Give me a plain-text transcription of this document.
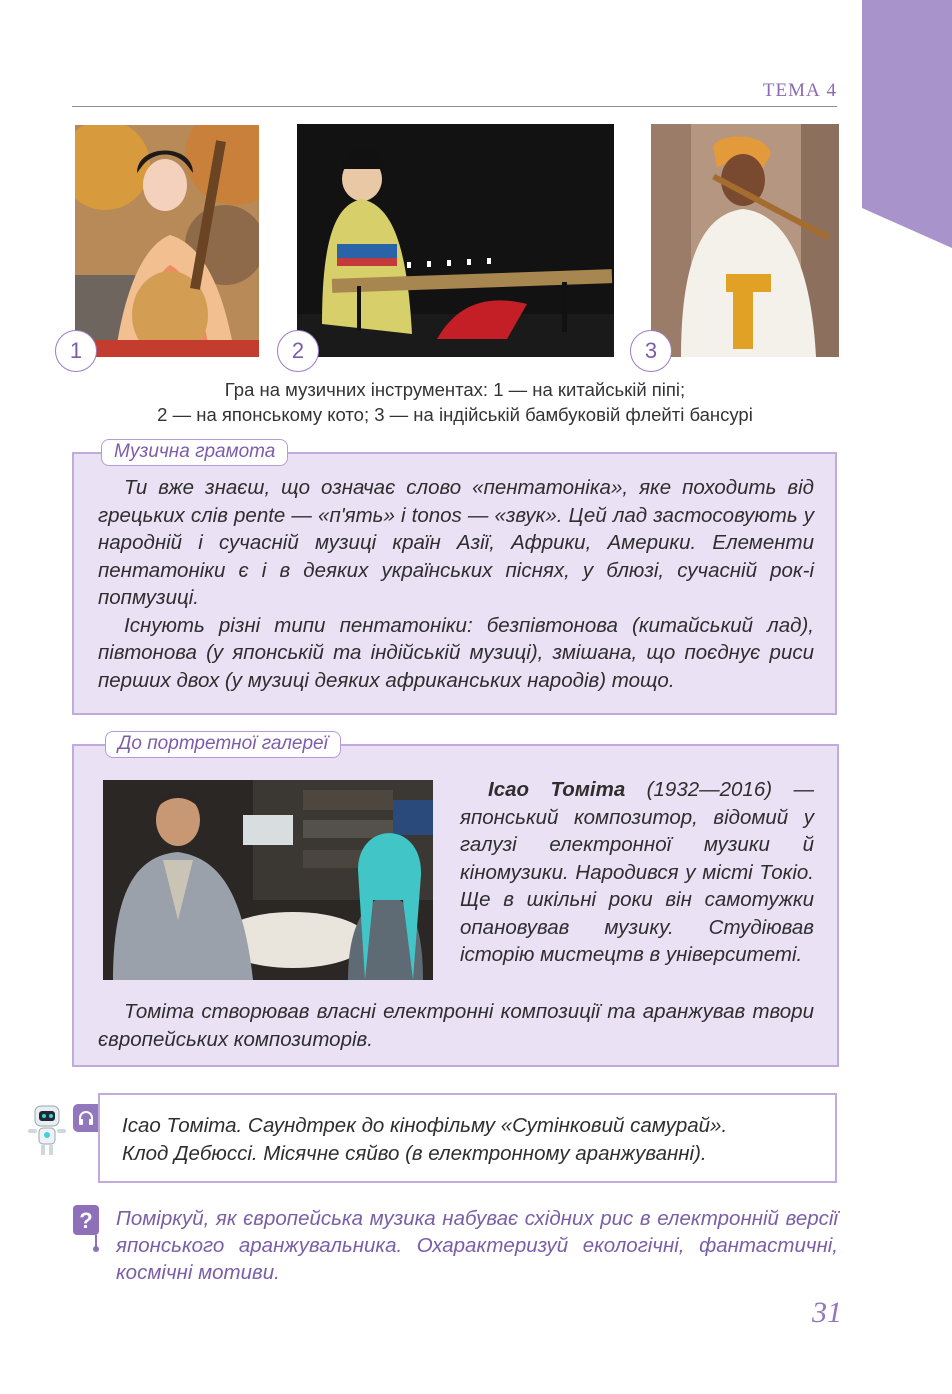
ТЕМА 4
1	2	3
Гра на музичних інструментах: 1 — на китайській піпі;
2 — на японському кото; 3 — на індійській бамбуковій флейті бансурі

Ти вже знаєш, що означає слово «пентатоніка», яке походить від грецьких слів pente — «п'ять» і tonos — «звук». Цей лад застосовують у народній і сучасній музиці країн Азії, Африки, Америки. Елементи пентатоніки є і в деяких українських піснях, у блюзі, сучасній рок-і попмузиці.

Існують різні типи пентатоніки: безпівтонова (китайський лад), півтонова (у японській та індійській музиці), змішана, що поєднує риси перших двох (у музиці деяких африканських народів) тощо.

Музична грамота
До портретної галереї

Ісао Томіта (1932—2016) — японський композитор, відомий у галузі електронної музики й кіномузики. Народився у місті Токіо. Ще в шкільні роки він самотужки опановував музику. Студіював історію мистецтв в університеті.

Томіта створював власні електронні композиції та аранжував твори європейських композиторів.

Ісао Томіта. Саундтрек до кінофільму «Сутінковий самурай».
Клод Дебюссі. Місячне сяйво (в електронному аранжуванні).
? Поміркуй, як європейська музика набуває східних рис в електронній версії японського аранжувальника. Охарактеризуй екологічні, фантастичні, космічні мотиви.
31
